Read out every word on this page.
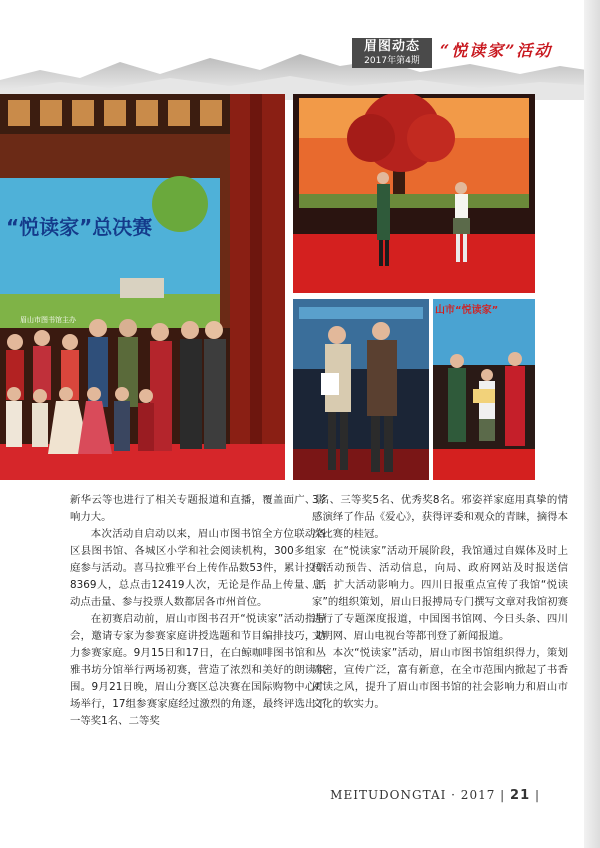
眉图动态
2017年第4期
“悦读家”活动
“悦读家”总决赛
眉山市图书馆主办
山市“悦读家”

新华云等也进行了相关专题报道和直播，覆盖面广、影响力大。

本次活动自启动以来，眉山市图书馆全方位联动各区县图书馆、各城区小学和社会阅读机构，300多组家庭参与活动。喜马拉雅平台上传作品数53件，累计投票8369人，总点击12419人次，无论是作品上传量、活动点击量、参与投票人数都居各市州首位。

在初赛启动前，眉山市图书召开“悦读家”活动指导会，邀请专家为参赛家庭讲授选题和节目编排技巧，助力参赛家庭。9月15日和17日，在白鲸咖啡图书馆和丛雅书坊分馆举行两场初赛，营造了浓烈和美好的朗读氛围。9月21日晚，眉山分赛区总决赛在国际购物中心广场举行，17组参赛家庭经过激烈的角逐，最终评选出了一等奖1名、二等奖

3名、三等奖5名、优秀奖8名。邪姿祥家庭用真挚的情感演绎了作品《爱心》，获得评委和观众的青睐，摘得本次比赛的桂冠。

在“悦读家”活动开展阶段，我馆通过自媒体及时上传活动预告、活动信息，向局、政府网站及时报送信息，扩大活动影响力。四川日报重点宣传了我馆“悦读家”的组织策划，眉山日报搏局专门撰写文章对我馆初赛进行了专题深度报道，中国图书馆网、今日头条、四川文明网、眉山电视台等都刊登了新闻报道。

本次“悦读家”活动，眉山市图书馆组织得力，策划周密，宣传广泛，富有新意，在全市范围内掀起了书香阅读之风，提升了眉山市图书馆的社会影响力和眉山市文化的软实力。

MEITUDONGTAI · 2017 | 21 |
